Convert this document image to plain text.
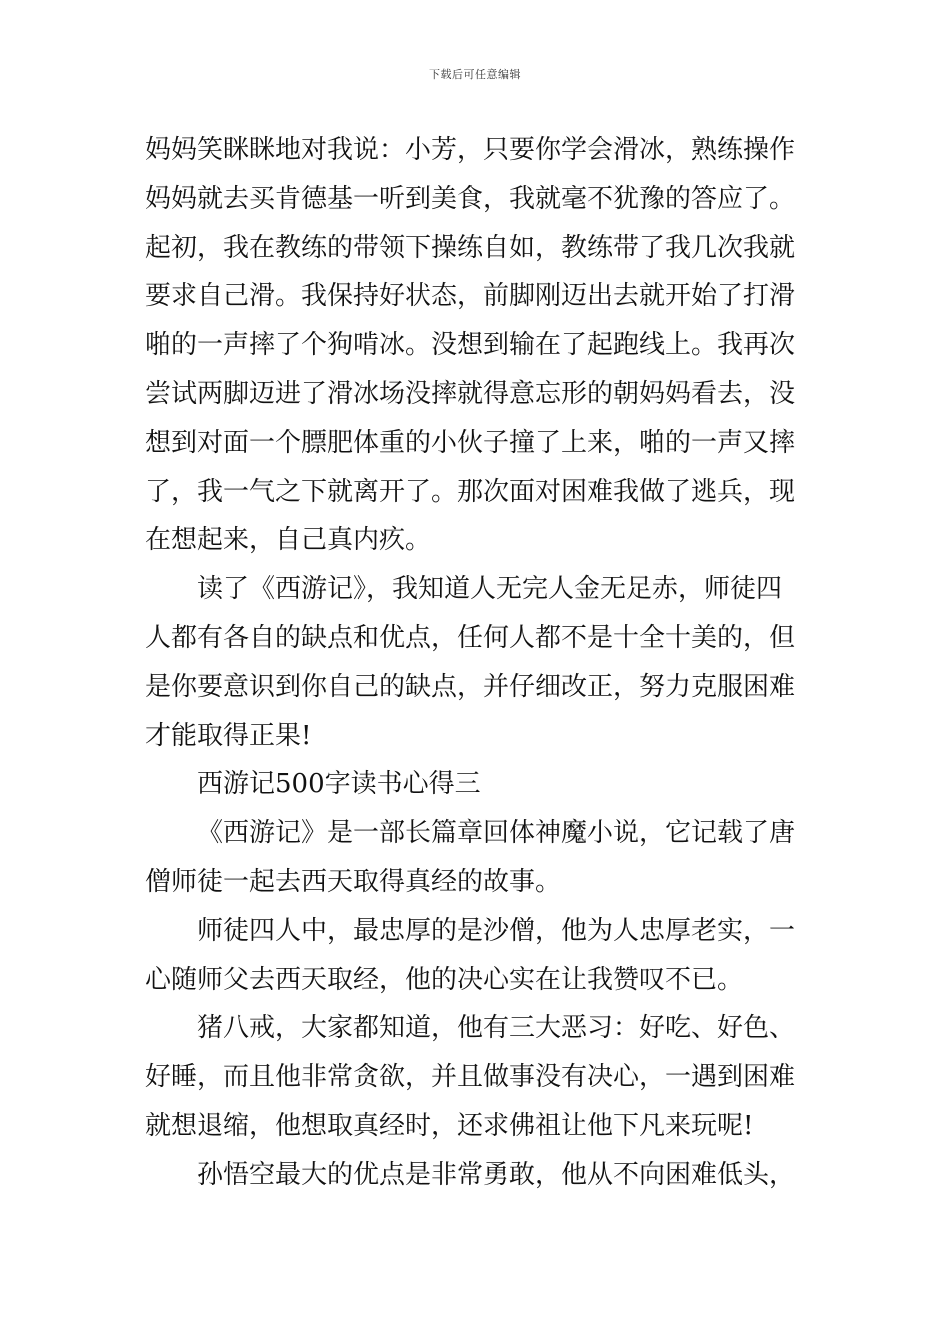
下载后可任意编辑

妈妈笑眯眯地对我说：小芳，只要你学会滑冰，熟练操作

妈妈就去买肯德基一听到美食，我就毫不犹豫的答应了。

起初，我在教练的带领下操练自如，教练带了我几次我就

要求自己滑。我保持好状态，前脚刚迈出去就开始了打滑

啪的一声摔了个狗啃冰。没想到输在了起跑线上。我再次

尝试两脚迈进了滑冰场没摔就得意忘形的朝妈妈看去，没

想到对面一个膘肥体重的小伙子撞了上来，啪的一声又摔

了，我一气之下就离开了。那次面对困难我做了逃兵，现

在想起来，自己真内疚。

读了《西游记》，我知道人无完人金无足赤，师徒四

人都有各自的缺点和优点，任何人都不是十全十美的，但

是你要意识到你自己的缺点，并仔细改正，努力克服困难

才能取得正果!

西游记500字读书心得三

《西游记》是一部长篇章回体神魔小说，它记载了唐

僧师徒一起去西天取得真经的故事。

师徒四人中，最忠厚的是沙僧，他为人忠厚老实，一

心随师父去西天取经，他的决心实在让我赞叹不已。

猪八戒，大家都知道，他有三大恶习：好吃、好色、

好睡，而且他非常贪欲，并且做事没有决心，一遇到困难

就想退缩，他想取真经时，还求佛祖让他下凡来玩呢!

孙悟空最大的优点是非常勇敢，他从不向困难低头，
